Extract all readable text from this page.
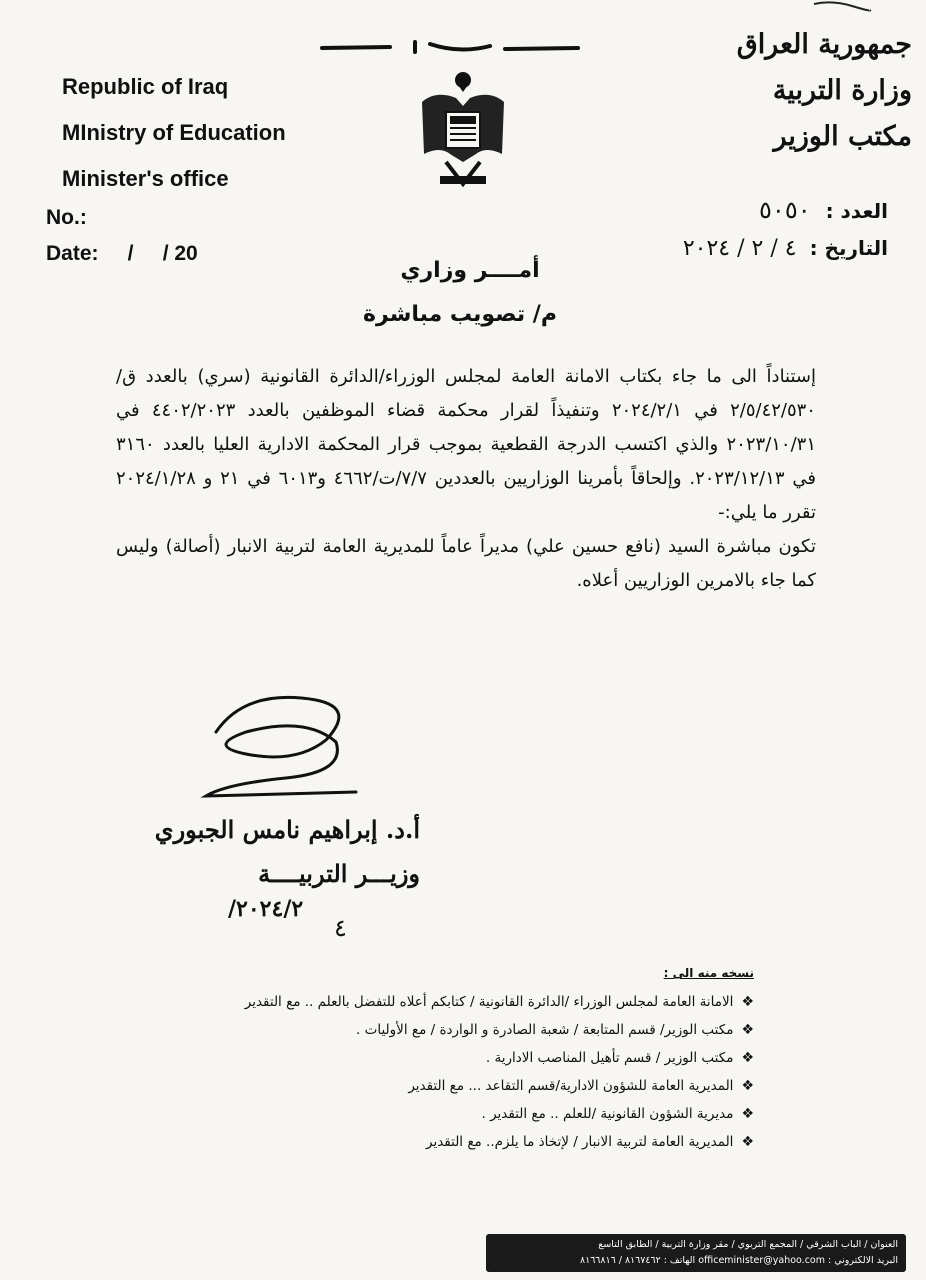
Republic of Iraq
MInistry of Education
Minister's office
جمهورية العراق
وزارة التربية
مكتب الوزير
No.:
Date:     /     / 20
العدد : ٥٠٥٠
التاريخ : ٤ / ٢ / ٢٠٢٤
أمــــر وزاري
م/ تصويب مباشرة

إستناداً الى ما جاء بكتاب الامانة العامة لمجلس الوزراء/الدائرة القانونية (سري) بالعدد ق/٢/٥/٤٢/٥٣٠ في ٢٠٢٤/٢/١ وتنفيذاً لقرار محكمة قضاء الموظفين بالعدد ٤٤٠٢/٢٠٢٣ في ٢٠٢٣/١٠/٣١ والذي اكتسب الدرجة القطعية بموجب قرار المحكمة الادارية العليا بالعدد ٣١٦٠ في ٢٠٢٣/١٢/١٣. وإلحاقاً بأمرينا الوزاريين بالعددين ٧/٧/ت/٤٦٦٢ و٦٠١٣ في ٢١ و ٢٠٢٤/١/٢٨ تقرر ما يلي:-

تكون مباشرة السيد (نافع حسين علي) مديراً عاماً للمديرية العامة لتربية الانبار (أصالة) وليس كما جاء بالامرين الوزاريين أعلاه.

أ.د. إبراهيم نامس الجبوري
وزيـــر التربيــــة
٢٠٢٤/٢/
٤
نسخه منه الى :
❖الامانة العامة لمجلس الوزراء /الدائرة القانونية / كتابكم أعلاه للتفضل بالعلم .. مع التقدير
❖مكتب الوزير/ قسم المتابعة / شعبة الصادرة و الواردة / مع الأوليات .
❖مكتب الوزير / قسم تأهيل المناصب الادارية .
❖المديرية العامة للشؤون الادارية/قسم التقاعد ... مع التقدير
❖مديرية الشؤون القانونية /للعلم .. مع التقدير .
❖المديرية العامة لتربية الانبار / لإتخاذ ما يلزم.. مع التقدير
العنوان / الباب الشرقي / المجمع التربوي / مقر وزارة التربية / الطابق التاسع
البريد الالكتروني : officeminister@yahoo.com الهاتف : ٨١٦٧٤٦٢ / ٨١٦٦٨١٦
